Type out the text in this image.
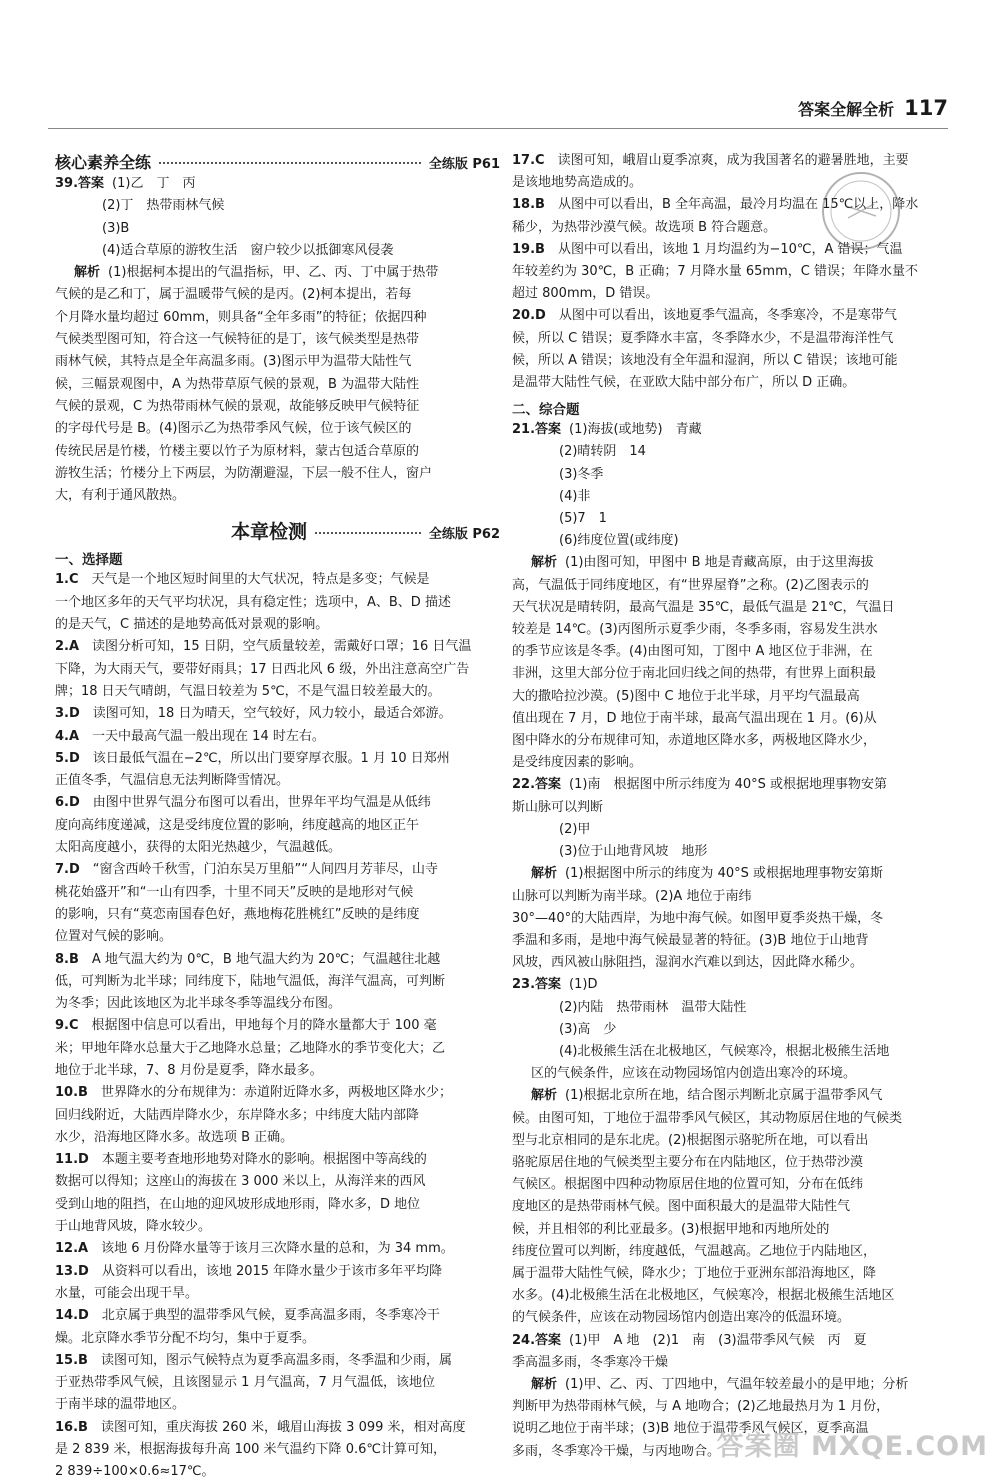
答案全解全析 117
核心素养全练	全练版 P61
39.答案 (1)乙　丁　丙
(2)丁　热带雨林气候
(3)B
(4)适合草原的游牧生活　窗户较少以抵御寒风侵袭
解析 (1)根据柯本提出的气温指标，甲、乙、丙、丁中属于热带
气候的是乙和丁，属于温暖带气候的是丙。(2)柯本提出，若每
个月降水量均超过 60mm，则具备“全年多雨”的特征；依据四种
气候类型图可知，符合这一气候特征的是丁，该气候类型是热带
雨林气候，其特点是全年高温多雨。(3)图示甲为温带大陆性气
候，三幅景观图中，A 为热带草原气候的景观，B 为温带大陆性
气候的景观，C 为热带雨林气候的景观，故能够反映甲气候特征
的字母代号是 B。(4)图示乙为热带季风气候，位于该气候区的
传统民居是竹楼，竹楼主要以竹子为原材料，蒙古包适合草原的
游牧生活；竹楼分上下两层，为防潮避湿，下层一般不住人，窗户
大，有利于通风散热。
本章检测	全练版 P62
一、选择题
1.C　天气是一个地区短时间里的大气状况，特点是多变；气候是
一个地区多年的天气平均状况，具有稳定性；选项中，A、B、D 描述
的是天气，C 描述的是地势高低对景观的影响。
2.A　读图分析可知，15 日阴，空气质量较差，需戴好口罩；16 日气温
下降，为大雨天气，要带好雨具；17 日西北风 6 级，外出注意高空广告
牌；18 日天气晴朗，气温日较差为 5℃，不是气温日较差最大的。
3.D　读图可知，18 日为晴天，空气较好，风力较小，最适合郊游。
4.A　一天中最高气温一般出现在 14 时左右。
5.D　该日最低气温在−2℃，所以出门要穿厚衣服。1 月 10 日郑州
正值冬季，气温信息无法判断降雪情况。
6.D　由图中世界气温分布图可以看出，世界年平均气温是从低纬
度向高纬度递减，这是受纬度位置的影响，纬度越高的地区正午
太阳高度越小，获得的太阳光热越少，气温越低。
7.D　“窗含西岭千秋雪，门泊东吴万里船”“人间四月芳菲尽，山寺
桃花始盛开”和“一山有四季，十里不同天”反映的是地形对气候
的影响，只有“莫恋南国春色好，燕地梅花胜桃红”反映的是纬度
位置对气候的影响。
8.B　A 地气温大约为 0℃，B 地气温大约为 20℃；气温越往北越
低，可判断为北半球；同纬度下，陆地气温低，海洋气温高，可判断
为冬季；因此该地区为北半球冬季等温线分布图。
9.C　根据图中信息可以看出，甲地每个月的降水量都大于 100 毫
米；甲地年降水总量大于乙地降水总量；乙地降水的季节变化大；乙
地位于北半球，7、8 月份是夏季，降水最多。
10.B　世界降水的分布规律为：赤道附近降水多，两极地区降水少；
回归线附近，大陆西岸降水少，东岸降水多；中纬度大陆内部降
水少，沿海地区降水多。故选项 B 正确。
11.D　本题主要考查地形地势对降水的影响。根据图中等高线的
数据可以得知；这座山的海拔在 3 000 米以上，从海洋来的西风
受到山地的阻挡，在山地的迎风坡形成地形雨，降水多，D 地位
于山地背风坡，降水较少。
12.A　该地 6 月份降水量等于该月三次降水量的总和，为 34 mm。
13.D　从资料可以看出，该地 2015 年降水量少于该市多年平均降
水量，可能会出现干旱。
14.D　北京属于典型的温带季风气候，夏季高温多雨，冬季寒冷干
燥。北京降水季节分配不均匀，集中于夏季。
15.B　读图可知，图示气候特点为夏季高温多雨，冬季温和少雨，属
于亚热带季风气候，且该图显示 1 月气温高，7 月气温低，该地位
于南半球的温带地区。
16.B　读图可知，重庆海拔 260 米，峨眉山海拔 3 099 米，相对高度
是 2 839 米，根据海拔每升高 100 米气温约下降 0.6℃计算可知，
2 839÷100×0.6≈17℃。
17.C　读图可知，峨眉山夏季凉爽，成为我国著名的避暑胜地，主要
是该地地势高造成的。
18.B　从图中可以看出，B 全年高温，最冷月均温在 15℃以上，降水
稀少，为热带沙漠气候。故选项 B 符合题意。
19.B　从图中可以看出，该地 1 月均温约为−10℃，A 错误；气温
年较差约为 30℃，B 正确；7 月降水量 65mm，C 错误；年降水量不
超过 800mm，D 错误。
20.D　从图中可以看出，该地夏季气温高，冬季寒冷，不是寒带气
候，所以 C 错误；夏季降水丰富，冬季降水少，不是温带海洋性气
候，所以 A 错误；该地没有全年温和湿润，所以 C 错误；该地可能
是温带大陆性气候，在亚欧大陆中部分布广，所以 D 正确。
二、综合题
21.答案 (1)海拔(或地势)　青藏
(2)晴转阴　14
(3)冬季
(4)非
(5)7　1
(6)纬度位置(或纬度)
解析 (1)由图可知，甲图中 B 地是青藏高原，由于这里海拔
高，气温低于同纬度地区，有“世界屋脊”之称。(2)乙图表示的
天气状况是晴转阴，最高气温是 35℃，最低气温是 21℃，气温日
较差是 14℃。(3)丙图所示夏季少雨，冬季多雨，容易发生洪水
的季节应该是冬季。(4)由图可知，丁图中 A 地区位于非洲，在
非洲，这里大部分位于南北回归线之间的热带，有世界上面积最
大的撒哈拉沙漠。(5)图中 C 地位于北半球，月平均气温最高
值出现在 7 月，D 地位于南半球，最高气温出现在 1 月。(6)从
图中降水的分布规律可知，赤道地区降水多，两极地区降水少，
是受纬度因素的影响。
22.答案 (1)南　根据图中所示纬度为 40°S 或根据地理事物安第
斯山脉可以判断
(2)甲
(3)位于山地背风坡　地形
解析 (1)根据图中所示的纬度为 40°S 或根据地理事物安第斯
山脉可以判断为南半球。(2)A 地位于南纬
30°—40°的大陆西岸，为地中海气候。如图甲夏季炎热干燥，冬
季温和多雨，是地中海气候最显著的特征。(3)B 地位于山地背
风坡，西风被山脉阻挡，湿润水汽难以到达，因此降水稀少。
23.答案 (1)D
(2)内陆　热带雨林　温带大陆性
(3)高　少
(4)北极熊生活在北极地区，气候寒冷，根据北极熊生活地
区的气候条件，应该在动物园场馆内创造出寒冷的环境。
解析 (1)根据北京所在地，结合图示判断北京属于温带季风气
候。由图可知，丁地位于温带季风气候区，其动物原居住地的气候类
型与北京相同的是东北虎。(2)根据图示骆驼所在地，可以看出
骆驼原居住地的气候类型主要分布在内陆地区，位于热带沙漠
气候区。根据图中四种动物原居住地的位置可知，分布在低纬
度地区的是热带雨林气候。图中面积最大的是温带大陆性气
候，并且相邻的利比亚最多。(3)根据甲地和丙地所处的
纬度位置可以判断，纬度越低，气温越高。乙地位于内陆地区，
属于温带大陆性气候，降水少；丁地位于亚洲东部沿海地区，降
水多。(4)北极熊生活在北极地区，气候寒冷，根据北极熊生活地区
的气候条件，应该在动物园场馆内创造出寒冷的低温环境。
24.答案 (1)甲　A 地　(2)1　南　(3)温带季风气候　丙　夏
季高温多雨，冬季寒冷干燥
解析 (1)甲、乙、丙、丁四地中，气温年较差最小的是甲地；分析
判断甲为热带雨林气候，与 A 地吻合；(2)乙地最热月为 1 月份，
说明乙地位于南半球；(3)B 地位于温带季风气候区，夏季高温
多雨，冬季寒冷干燥，与丙地吻合。
答案圈 MXQE.COM
